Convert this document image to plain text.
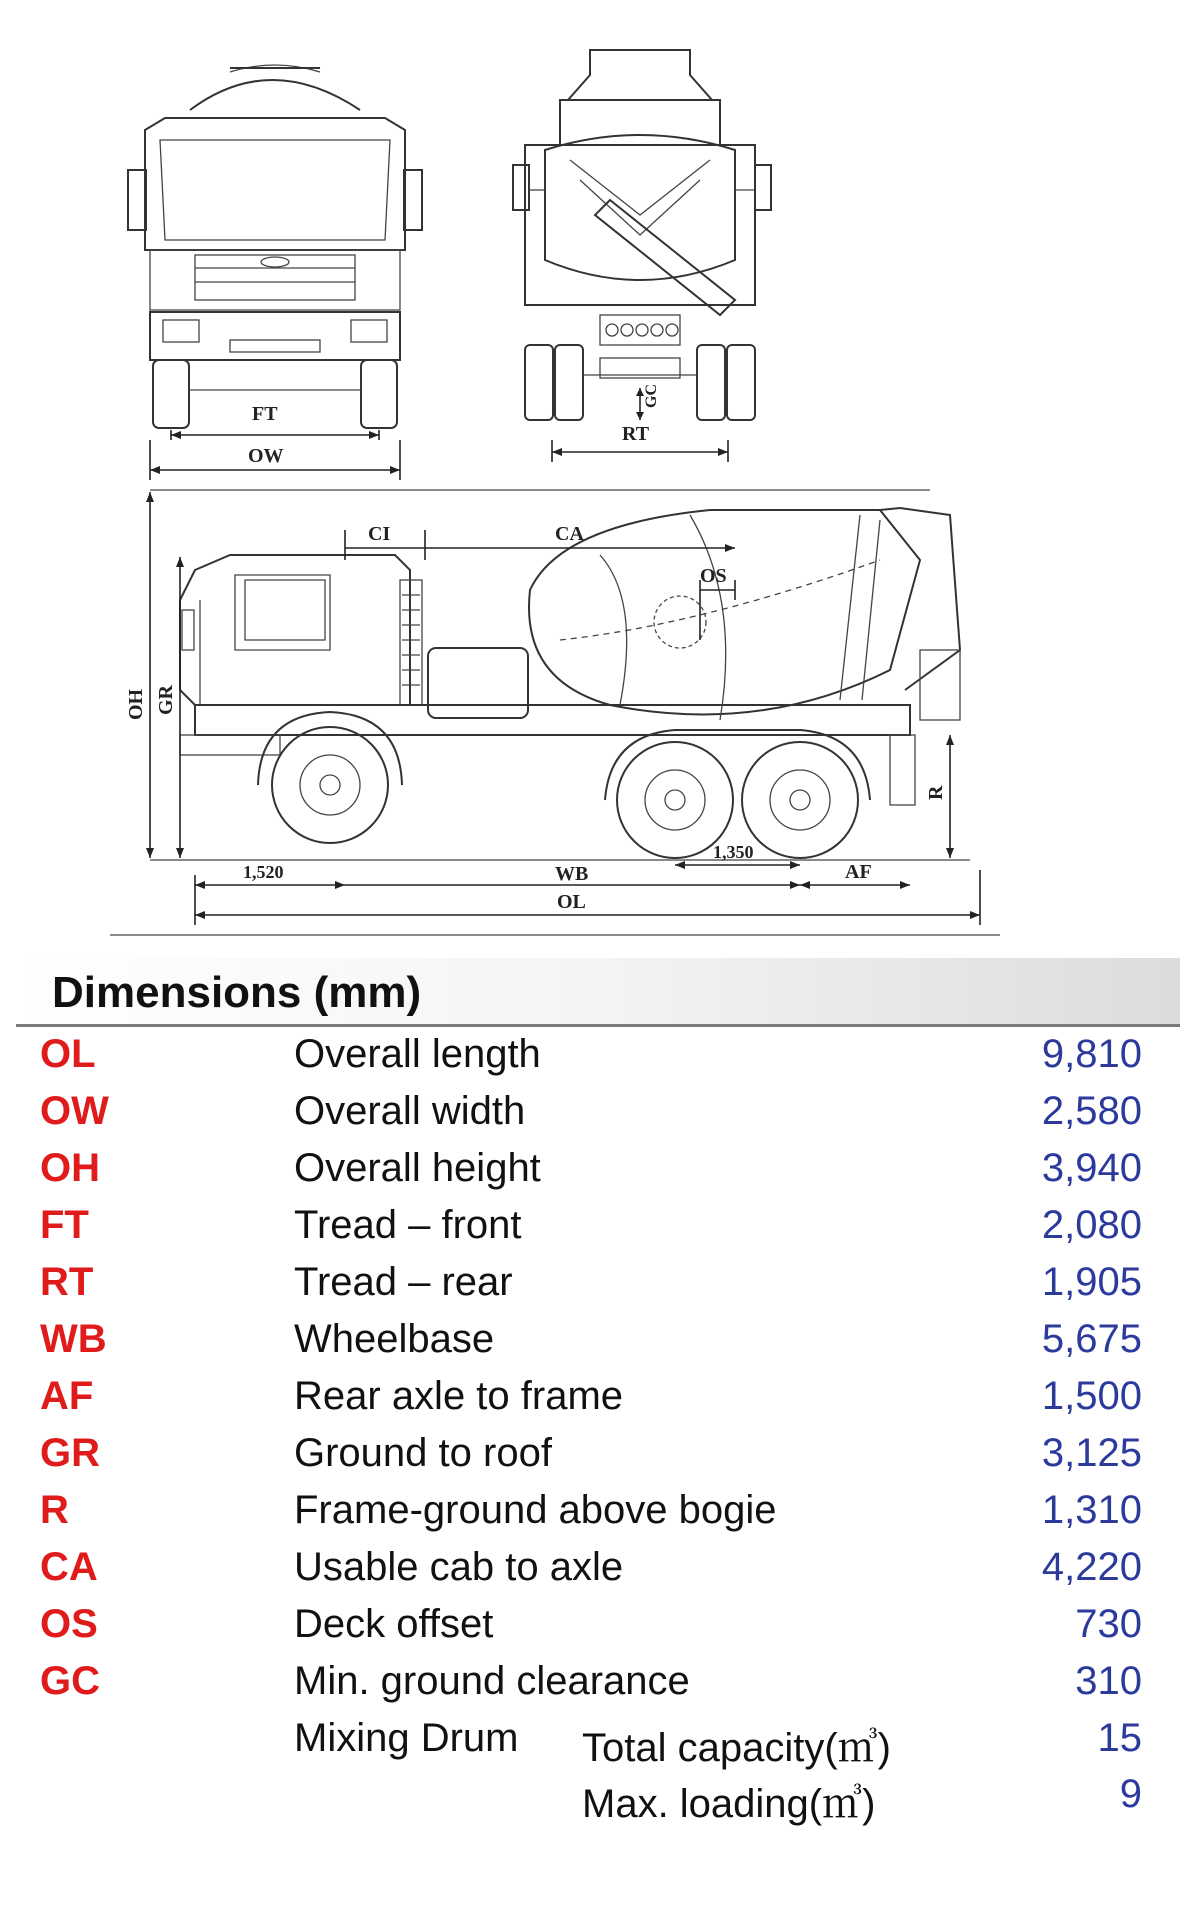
FT
OW
RT
GC
CI	CA
OS
OH GR
R
1,520
1,350
WB	AF
OL
Dimensions (mm)
OL	Overall length	9,810
OW	Overall width	2,580
OH	Overall height	3,940
FT	Tread – front	2,080
RT	Tread – rear	1,905
WB	Wheelbase	5,675
AF	Rear axle to frame	1,500
GR	Ground to roof	3,125
R	Frame-ground above bogie	1,310
CA	Usable cab to axle	4,220
OS	Deck offset	730
GC	Min. ground clearance	310
Mixing Drum Total capacity(㎥)	15
Max. loading(㎥)	9
